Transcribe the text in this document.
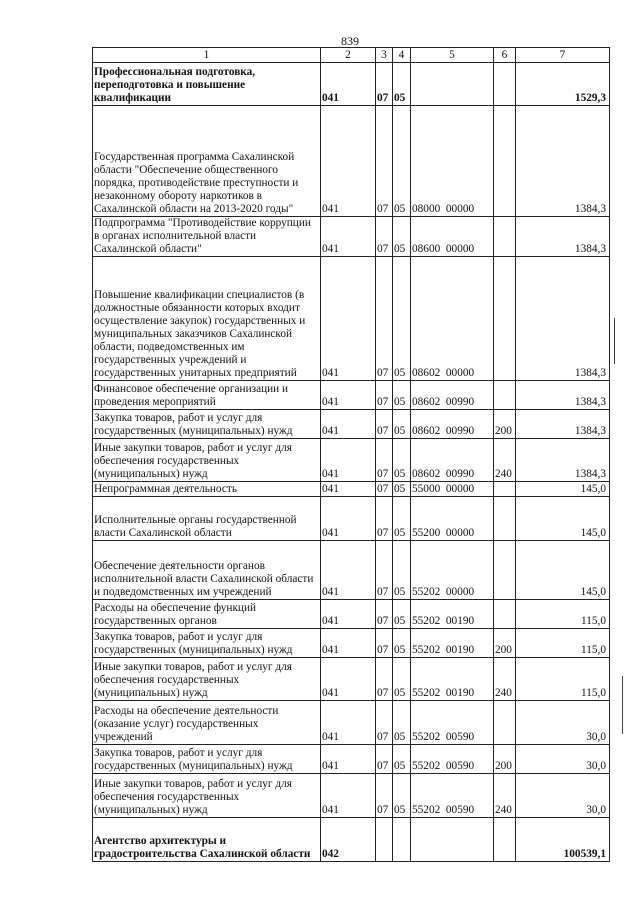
839
1	2	3	4	5	6	7
Профессиональная подготовка, переподготовка и повышение квалификации	041	07	05			1529,3
Государственная программа Сахалинской области "Обеспечение общественного порядка, противодействие преступности и незаконному обороту наркотиков в Сахалинской области на 2013-2020 годы"	041	07	05	08000  00000		1384,3
Подпрограмма "Противодействие коррупции в органах исполнительной власти Сахалинской области"	041	07	05	08600  00000		1384,3
Повышение квалификации специалистов (в должностные обязанности которых входит осуществление закупок) государственных и муниципальных заказчиков Сахалинской области, подведомственных им государственных учреждений и государственных унитарных предприятий	041	07	05	08602  00000		1384,3
Финансовое обеспечение организации и проведения мероприятий	041	07	05	08602  00990		1384,3
Закупка товаров, работ и услуг для государственных (муниципальных) нужд	041	07	05	08602  00990	200	1384,3
Иные закупки товаров, работ и услуг для обеспечения государственных (муниципальных) нужд	041	07	05	08602  00990	240	1384,3
Непрограммная деятельность	041	07	05	55000  00000		145,0
Исполнительные органы государственной власти Сахалинской области	041	07	05	55200  00000		145,0
Обеспечение деятельности органов исполнительной власти Сахалинской области и подведомственных им учреждений	041	07	05	55202  00000		145,0
Расходы на обеспечение функций государственных органов	041	07	05	55202  00190		115,0
Закупка товаров, работ и услуг для государственных (муниципальных) нужд	041	07	05	55202  00190	200	115,0
Иные закупки товаров, работ и услуг для обеспечения государственных (муниципальных) нужд	041	07	05	55202  00190	240	115,0
Расходы на обеспечение деятельности (оказание услуг) государственных учреждений	041	07	05	55202  00590		30,0
Закупка товаров, работ и услуг для государственных (муниципальных) нужд	041	07	05	55202  00590	200	30,0
Иные закупки товаров, работ и услуг для обеспечения государственных (муниципальных) нужд	041	07	05	55202  00590	240	30,0
Агентство архитектуры и градостроительства Сахалинской области	042					100539,1
